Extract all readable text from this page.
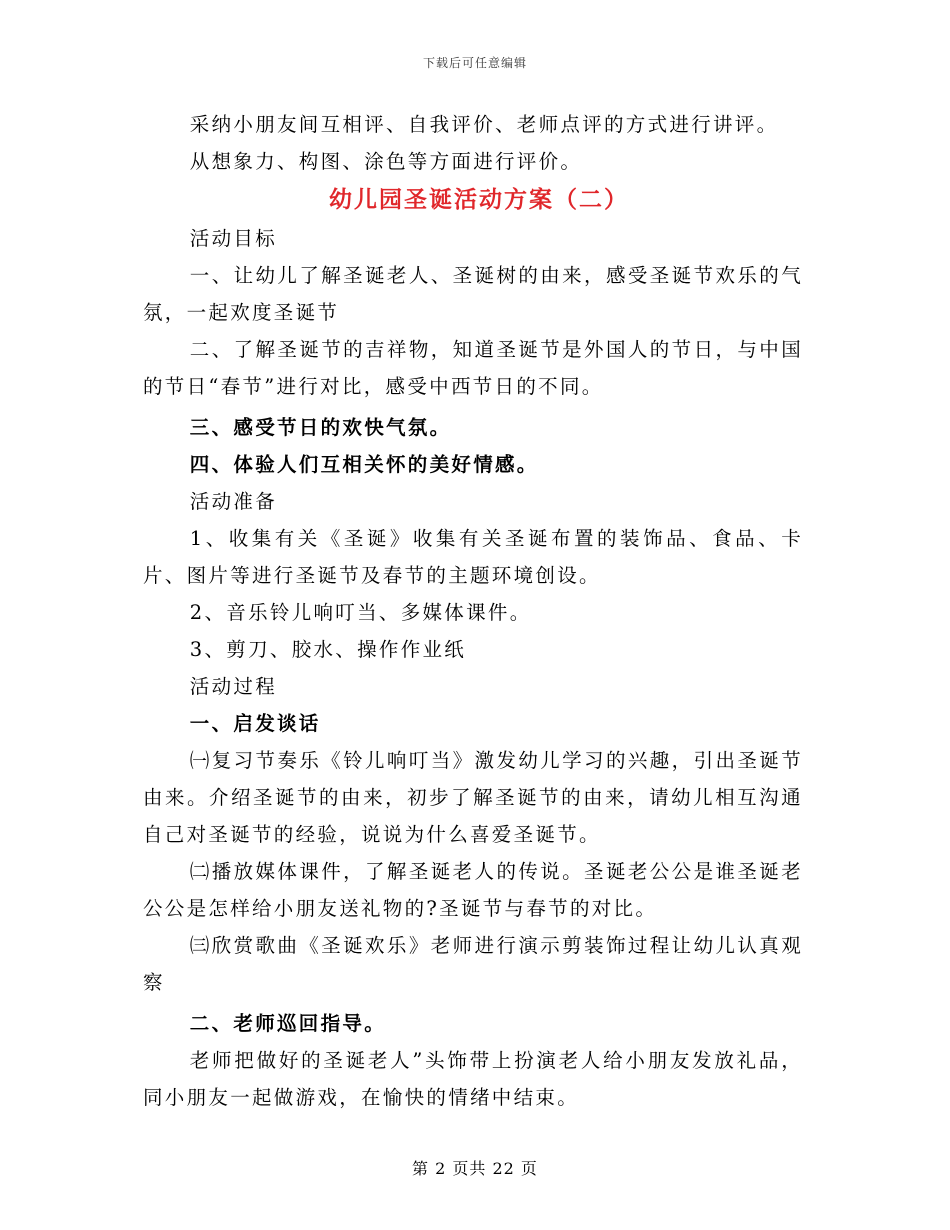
下载后可任意编辑

采纳小朋友间互相评、自我评价、老师点评的方式进行讲评。

从想象力、构图、涂色等方面进行评价。

幼儿园圣诞活动方案（二）

活动目标

一、让幼儿了解圣诞老人、圣诞树的由来，感受圣诞节欢乐的气氛，一起欢度圣诞节

二、了解圣诞节的吉祥物，知道圣诞节是外国人的节日，与中国的节日“春节”进行对比，感受中西节日的不同。

三、感受节日的欢快气氛。

四、体验人们互相关怀的美好情感。

活动准备

1、收集有关《圣诞》收集有关圣诞布置的装饰品、食品、卡片、图片等进行圣诞节及春节的主题环境创设。

2、音乐铃儿响叮当、多媒体课件。

3、剪刀、胶水、操作作业纸

活动过程

一、启发谈话

㈠复习节奏乐《铃儿响叮当》激发幼儿学习的兴趣，引出圣诞节由来。介绍圣诞节的由来，初步了解圣诞节的由来，请幼儿相互沟通自己对圣诞节的经验，说说为什么喜爱圣诞节。

㈡播放媒体课件，了解圣诞老人的传说。圣诞老公公是谁圣诞老公公是怎样给小朋友送礼物的?圣诞节与春节的对比。

㈢欣赏歌曲《圣诞欢乐》老师进行演示剪装饰过程让幼儿认真观察

二、老师巡回指导。

老师把做好的圣诞老人”头饰带上扮演老人给小朋友发放礼品，同小朋友一起做游戏，在愉快的情绪中结束。

第 2 页共 22 页
